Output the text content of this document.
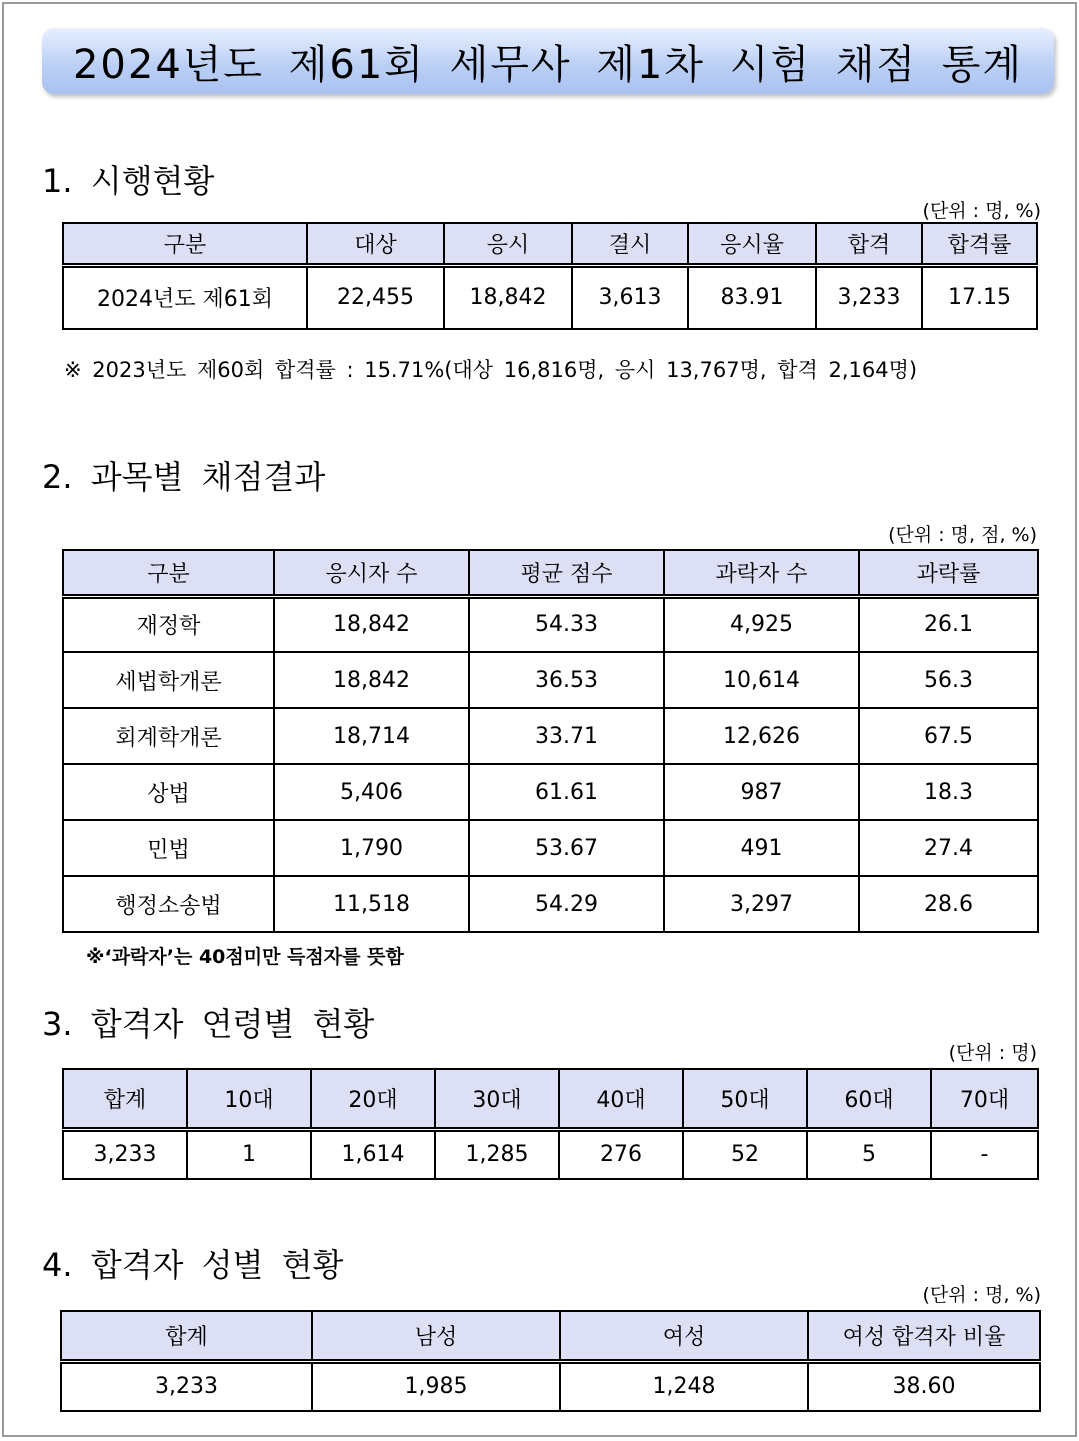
2024년도 제61회 세무사 제1차 시험 채점 통계
1. 시행현황
(단위 : 명, %)
구분	대상	응시	결시	응시율	합격	합격률
2024년도 제61회	22,455	18,842	3,613	83.91	3,233	17.15
※ 2023년도 제60회 합격률 : 15.71%(대상 16,816명, 응시 13,767명, 합격 2,164명)
2. 과목별 채점결과
(단위 : 명, 점, %)
구분	응시자 수	평균 점수	과락자 수	과락률
재정학	18,842	54.33	4,925	26.1
세법학개론	18,842	36.53	10,614	56.3
회계학개론	18,714	33.71	12,626	67.5
상법	5,406	61.61	987	18.3
민법	1,790	53.67	491	27.4
행정소송법	11,518	54.29	3,297	28.6
※‘과락자’는 40점미만 득점자를 뜻함
3. 합격자 연령별 현황
(단위 : 명)
합계	10대	20대	30대	40대	50대	60대	70대
3,233	1	1,614	1,285	276	52	5	-
4. 합격자 성별 현황
(단위 : 명, %)
합계	남성	여성	여성 합격자 비율
3,233	1,985	1,248	38.60
